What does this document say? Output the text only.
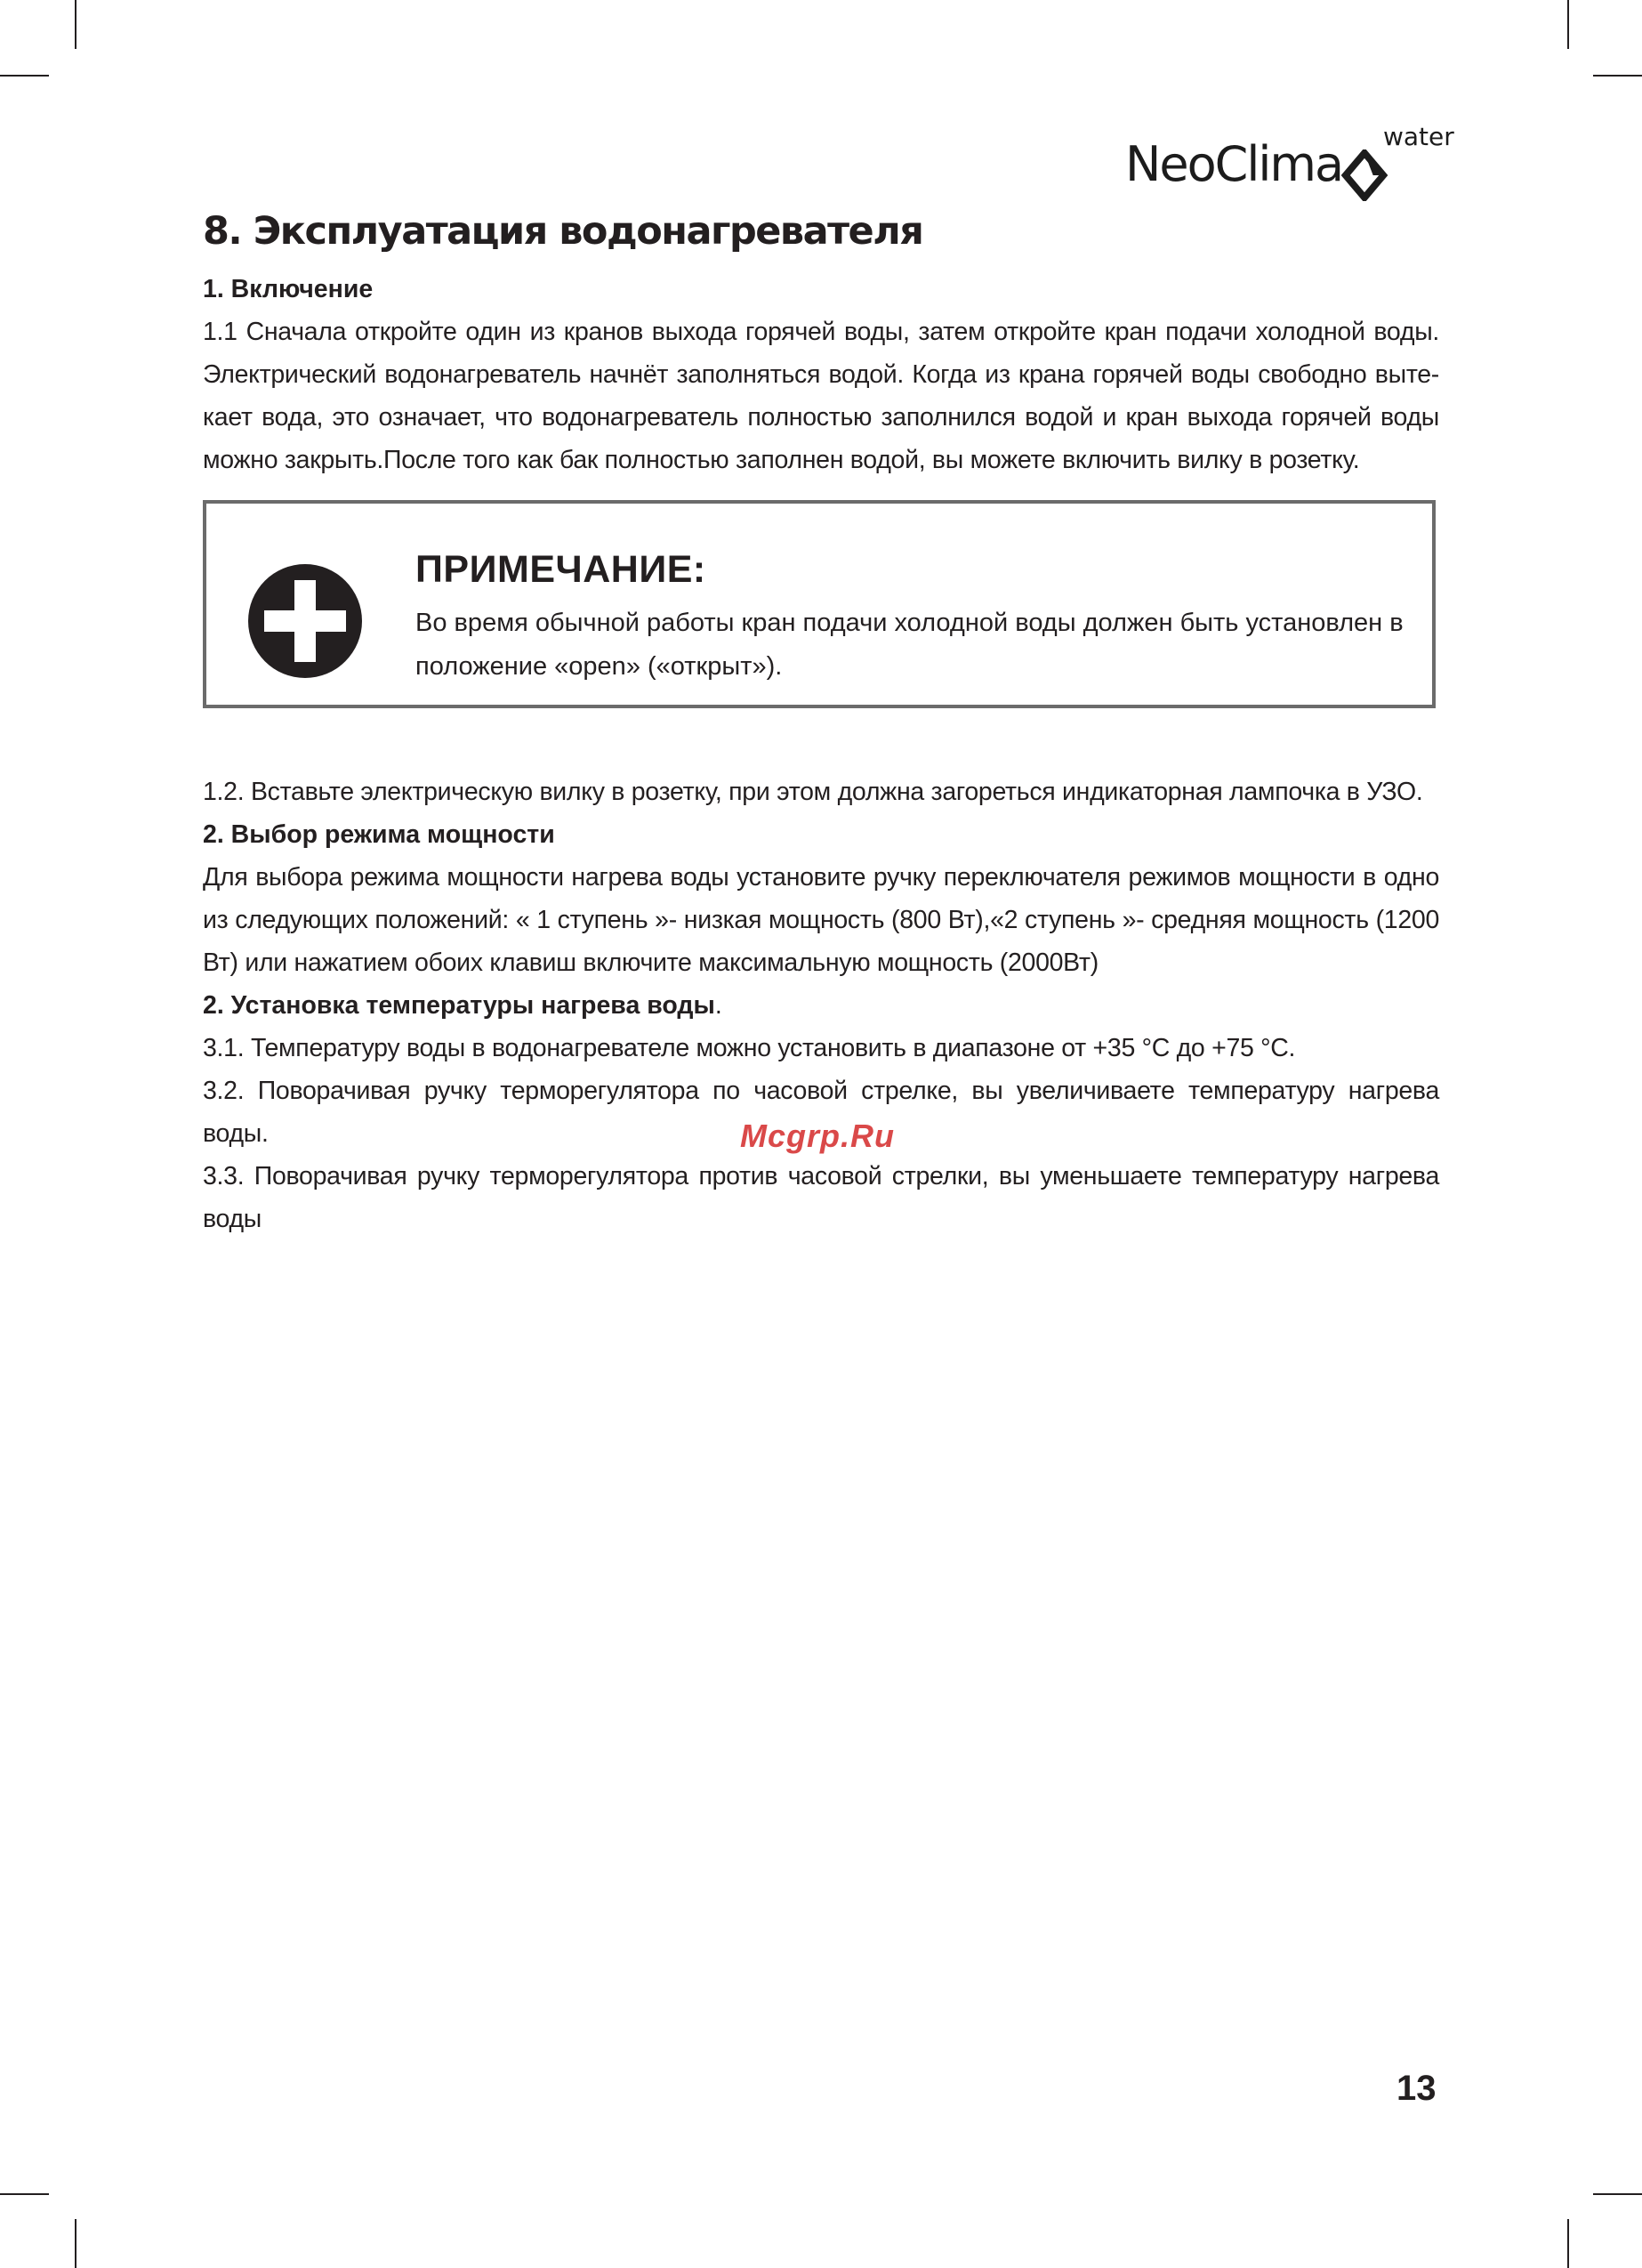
NeoClima water
8. Эксплуатация водонагревателя
1. Включение

1.1 Сначала откройте один из кранов выхода горячей воды, затем откройте кран подачи холодной воды. Электрический водонагреватель начнёт заполняться водой. Когда из крана горячей воды свободно выте-кает вода, это означает, что водонагреватель полностью заполнился водой и кран выхода горячей воды можно закрыть.После того как бак полностью заполнен водой, вы можете включить вилку в розетку.

ПРИМЕЧАНИЕ:
Во время обычной работы кран подачи холодной воды должен быть установлен в положение «open» («открыт»).

1.2. Вставьте электрическую вилку в розетку, при этом должна загореться индикаторная лампочка в УЗО.

2. Выбор режима мощности

Для выбора режима мощности нагрева воды установите ручку переключателя режимов мощности в одно из следующих положений: « 1 ступень »- низкая мощность (800 Вт),«2 ступень »- средняя мощность (1200 Вт) или нажатием обоих клавиш включите максимальную мощность (2000Вт)

2. Установка температуры нагрева воды.

3.1. Температуру воды в водонагревателе можно установить в диапазоне от +35 °C до +75 °C.

3.2. Поворачивая ручку терморегулятора по часовой стрелке, вы увеличиваете температуру нагрева воды.

3.3. Поворачивая ручку терморегулятора против часовой стрелки, вы уменьшаете температуру нагрева воды

Mcgrp.Ru
13
